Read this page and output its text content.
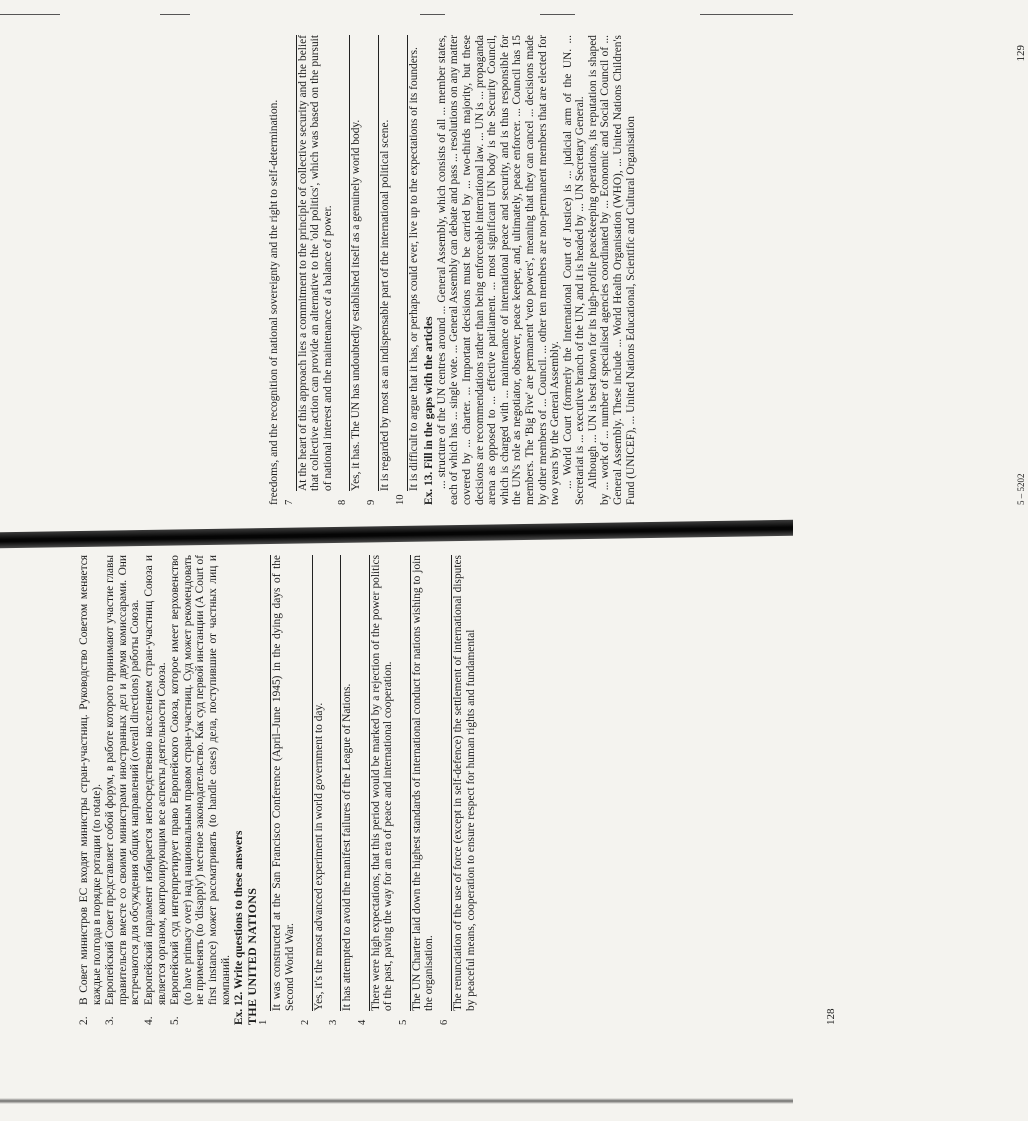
2.
В Совет министров ЕС входят министры стран-участниц. Руководство Советом меняется каждые полгода в порядке ротации (to rotate).
3.
Европейский Совет представляет собой форум, в работе которого принимают участие главы правительств вместе со своими министрами иностранных дел и двумя комиссарами. Они встречаются для обсуждения общих направлений (overall directions) работы Союза.
4.
Европейский парламент избирается непосредственно населением стран-участниц Союза и является органом, контролирующим все аспекты деятельности Союза.
5.
Европейский суд интерпретирует право Европейского Союза, которое имеет верховенство (to have primacy over) над национальным правом стран-участниц. Суд может рекомендовать не применять (to 'disapply') местное законодательство. Как суд первой инстанции (A Court of first instance) может рассматривать (to handle cases) дела, поступившие от частных лиц и компаний. Ex. 12. Write questions to these answers THE UNITED NATIONS 1
It was constructed at the San Francisco Conference (April–June 1945) in the dying days of the Second World War.
2
Yes, it's the most advanced experiment in world government to day.
3
It has attempted to avoid the manifest failures of the League of Nations.
4
There were high expectations, that this period would be marked by a rejection of the power politics of the past, paving the way for an era of peace and international cooperation.
5
The UN Charter laid down the highest standards of international conduct for nations wishing to join the organisation.
6
The renunciation of the use of force (except in self-defence) the settlement of international disputes by peaceful means, cooperation to ensure respect for human rights and fundamental
128

freedoms, and the recognition of national sovereignty and the right to self-determination. 7
At the heart of this approach lies a commitment to the principle of collective security and the belief that collective action can provide an alternative to the 'old politics', which was based on the pursuit of national interest and the maintenance of a balance of power.
8
Yes, it has. The UN has undoubtedly established itself as a genuinely world body.
9
It is regarded by most as an indispensable part of the international political scene.
10
It is difficult to argue that it has, or perhaps could ever, live up to the expectations of its founders. Ex. 13. Fill in the gaps with the articles ... structure of the UN centres around ... General Assembly, which consists of all ... member states, each of which has ... single vote. ... General Assembly can debate and pass ... resolutions on any matter covered by ... charter. ... Important decisions must be carried by ... two-thirds majority, but these decisions are recommendations rather than being enforceable international law. ... UN is ... propaganda arena as opposed to ... effective parliament. ... most significant UN body is the Security Council, which is charged with ... maintenance of international peace and security, and is thus responsible for the UN's role as negotiator, observer, peace keeper, and, ultimately, peace enforcer. ... Council has 15 members. The 'Big Five' are permanent 'veto powers', meaning that they can cancel ... decisions made by other members of ... Council. ... other ten members are non-permanent members that are elected for two years by the General Assembly. ... World Court (formerly the International Court of Justice) is ... judicial arm of the UN. ... Secretariat is ... executive branch of the UN, and it is headed by ... UN Secretary General. Although ... UN is best known for its high-profile peacekeeping operations, its reputation is shaped by ... work of ... number of specialised agencies coordinated by ... Economic and Social Council of ... General Assembly. These include ... World Health Organisation (WHO), ... United Nations Children's Fund (UNICEF), ... United Nations Educational, Scientific and Cultural Organisation	5 – 5202
129
